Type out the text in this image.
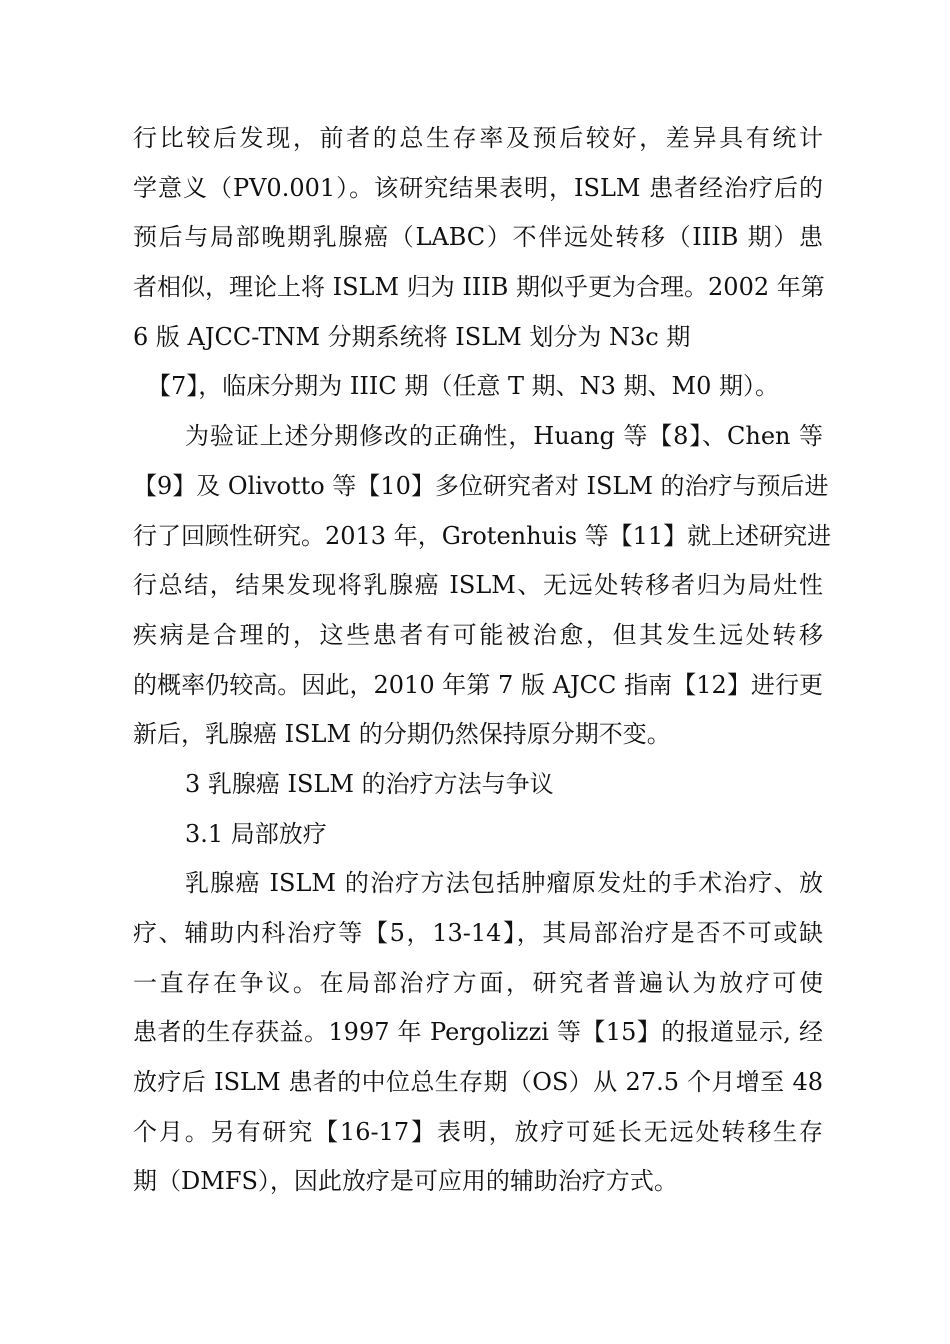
行比较后发现，前者的总生存率及预后较好，差异具有统计
学意义（PV0.001）。该研究结果表明，ISLM 患者经治疗后的
预后与局部晚期乳腺癌（LABC）不伴远处转移（IIIB 期）患
者相似，理论上将 ISLM 归为 IIIB 期似乎更为合理。2002 年第
6 版 AJCC-TNM 分期系统将 ISLM 划分为 N3c 期
【7】，临床分期为 IIIC 期（任意 T 期、N3 期、M0 期）。
为验证上述分期修改的正确性，Huang 等【8】、Chen 等
【9】及 Olivotto 等【10】多位研究者对 ISLM 的治疗与预后进
行了回顾性研究。2013 年，Grotenhuis 等【11】就上述研究进
行总结，结果发现将乳腺癌 ISLM、无远处转移者归为局灶性
疾病是合理的，这些患者有可能被治愈，但其发生远处转移
的概率仍较高。因此，2010 年第 7 版 AJCC 指南【12】进行更
新后，乳腺癌 ISLM 的分期仍然保持原分期不变。
3 乳腺癌 ISLM 的治疗方法与争议
3.1 局部放疗
乳腺癌 ISLM 的治疗方法包括肿瘤原发灶的手术治疗、放
疗、辅助内科治疗等【5，13-14】，其局部治疗是否不可或缺
一直存在争议。在局部治疗方面，研究者普遍认为放疗可使
患者的生存获益。1997 年 Pergolizzi 等【15】的报道显示, 经
放疗后 ISLM 患者的中位总生存期（OS）从 27.5 个月增至 48
个月。另有研究【16-17】表明，放疗可延长无远处转移生存
期（DMFS），因此放疗是可应用的辅助治疗方式。
